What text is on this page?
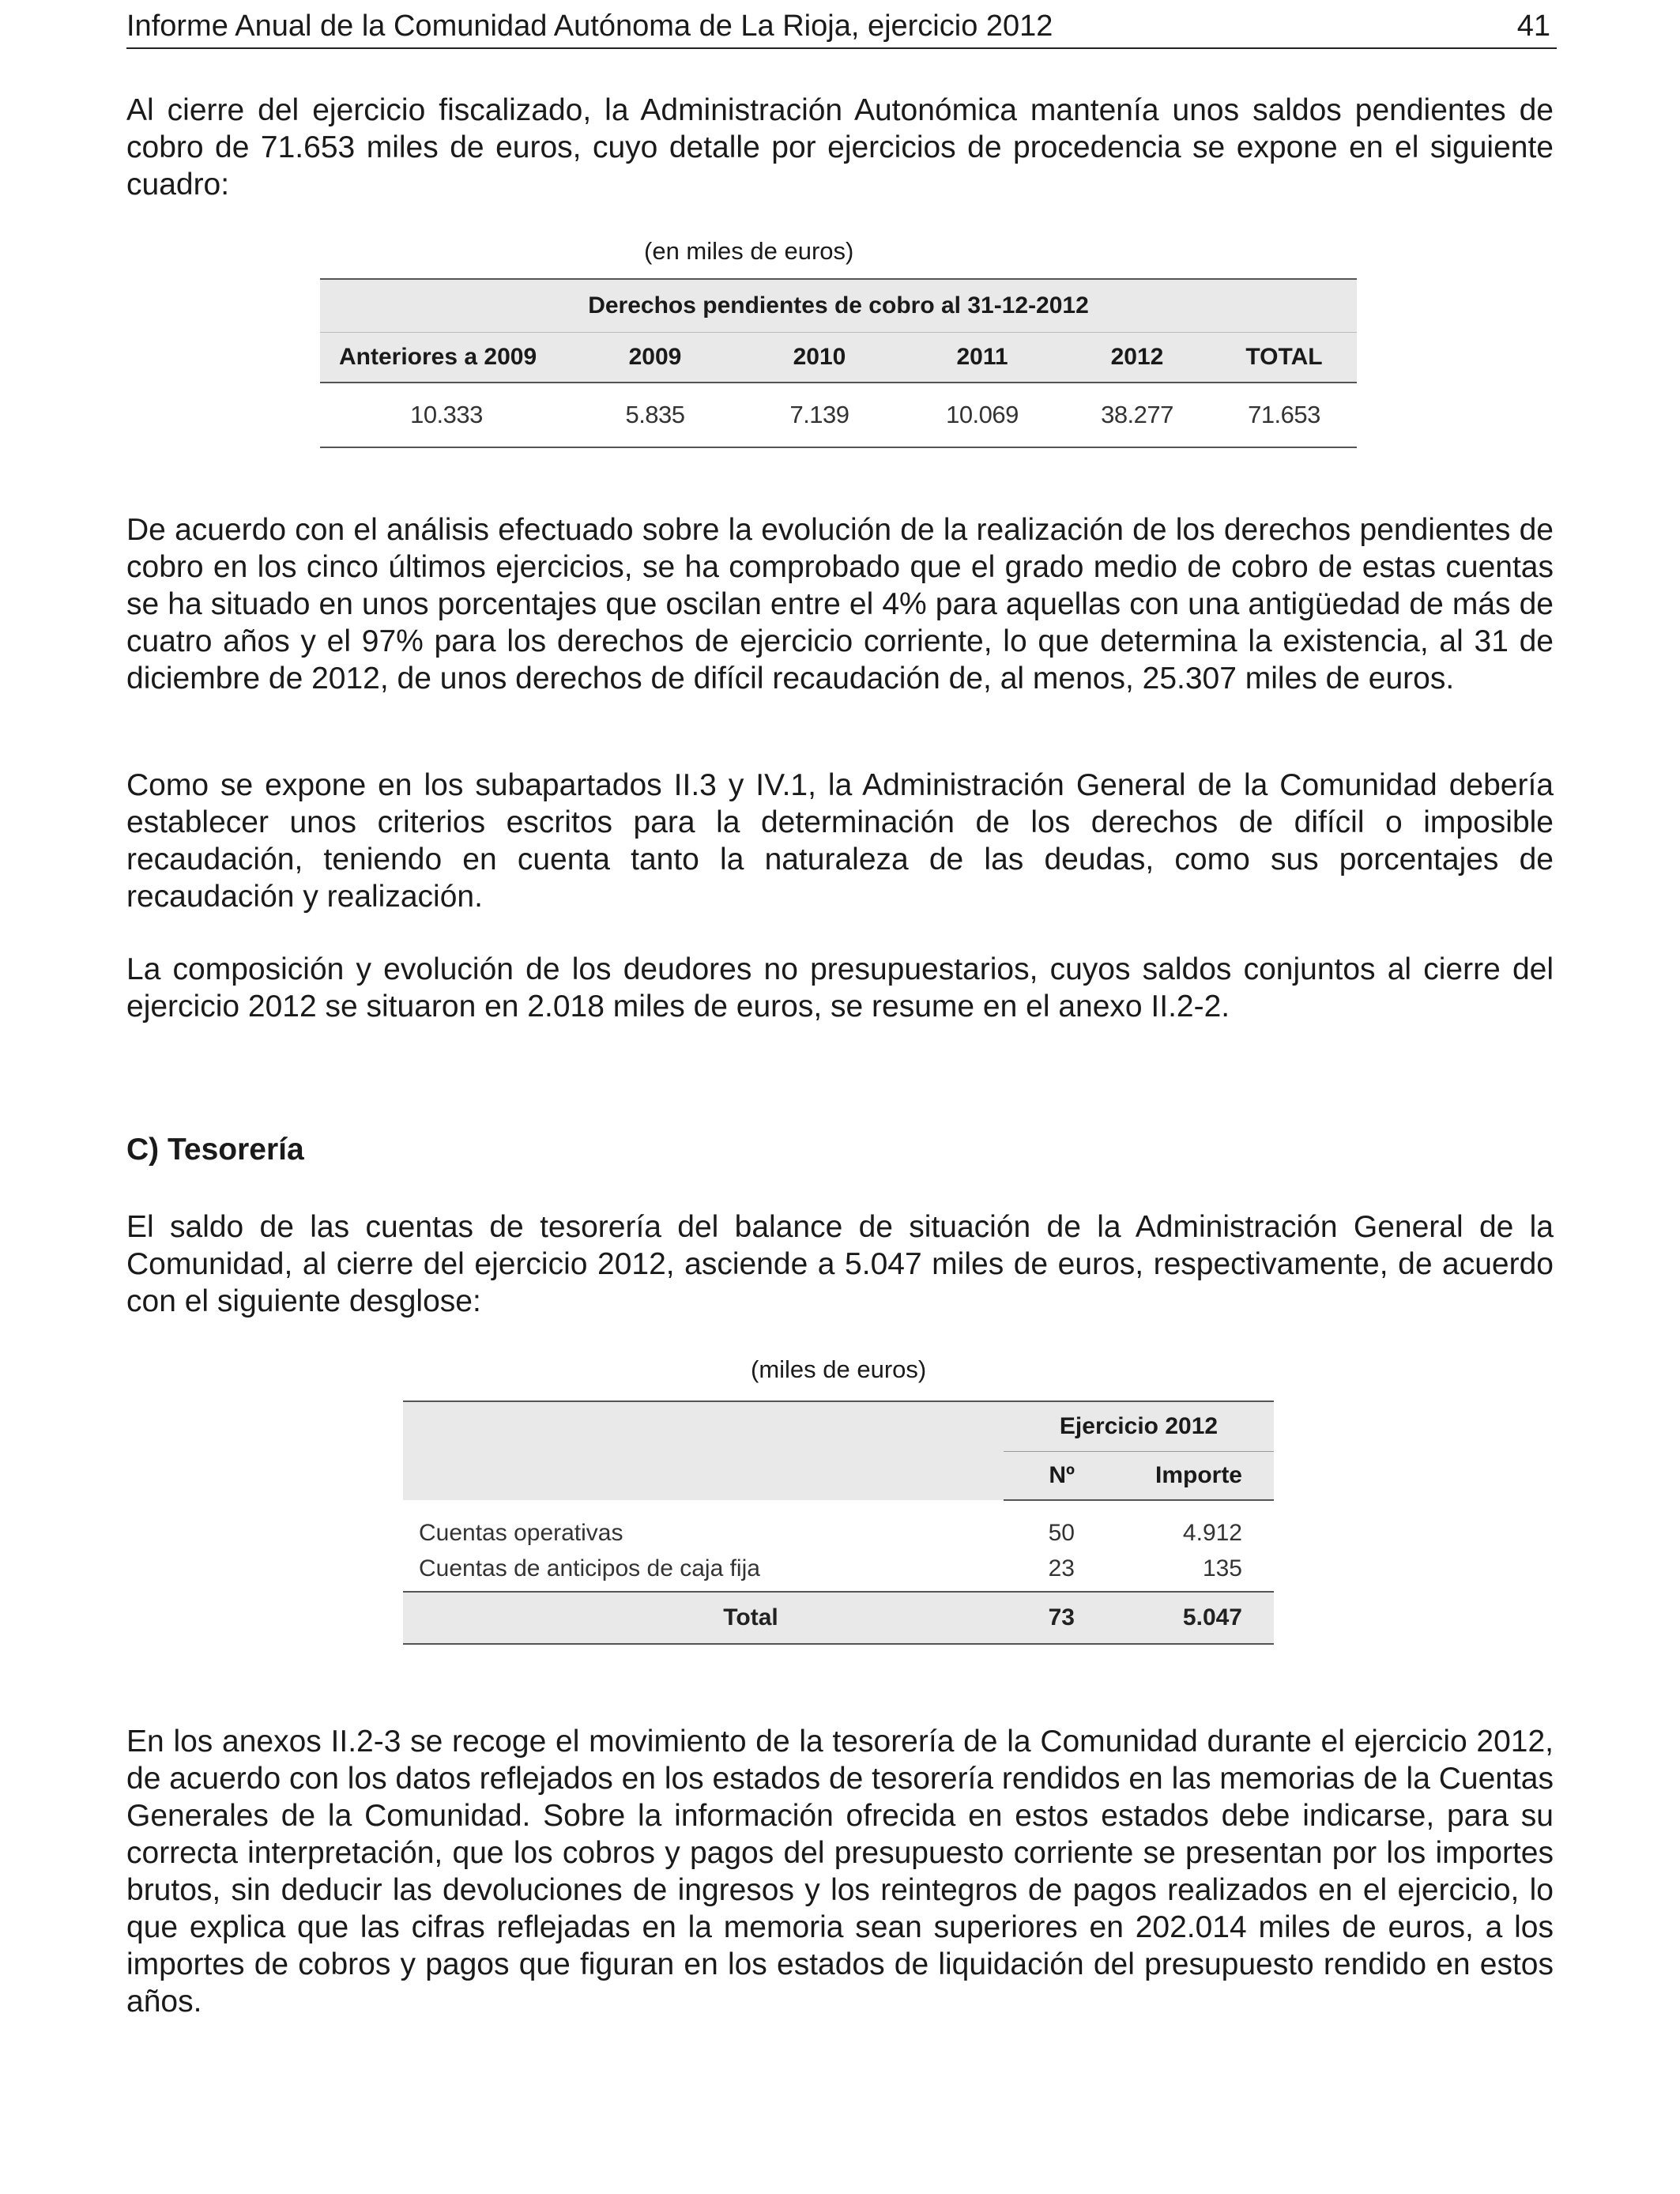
Informe Anual de la Comunidad Autónoma de La Rioja, ejercicio 2012	41

Al cierre del ejercicio fiscalizado, la Administración Autonómica mantenía unos saldos pendientes de cobro de 71.653 miles de euros, cuyo detalle por ejercicios de procedencia se expone en el siguiente cuadro:

(en miles de euros)
Derechos pendientes de cobro al 31-12-2012					
Anteriores a 2009	2009	2010	2011	2012	TOTAL
10.333	5.835	7.139	10.069	38.277	71.653

De acuerdo con el análisis efectuado sobre la evolución de la realización de los derechos pendientes de cobro en los cinco últimos ejercicios, se ha comprobado que el grado medio de cobro de estas cuentas se ha situado en unos porcentajes que oscilan entre el 4% para aquellas con una antigüedad de más de cuatro años y el 97% para los derechos de ejercicio corriente, lo que determina la existencia, al 31 de diciembre de 2012, de unos derechos de difícil recaudación de, al menos, 25.307 miles de euros.

Como se expone en los subapartados II.3 y IV.1, la Administración General de la Comunidad debería establecer unos criterios escritos para la determinación de los derechos de difícil o imposible recaudación, teniendo en cuenta tanto la naturaleza de las deudas, como sus porcentajes de recaudación y realización.

La composición y evolución de los deudores no presupuestarios, cuyos saldos conjuntos al cierre del ejercicio 2012 se situaron en 2.018 miles de euros, se resume en el anexo II.2-2.

C) Tesorería

El saldo de las cuentas de tesorería del balance de situación de la Administración General de la Comunidad, al cierre del ejercicio 2012, asciende a 5.047 miles de euros, respectivamente, de acuerdo con el siguiente desglose:

(miles de euros)
	Ejercicio 2012	
	Nº	Importe
Cuentas operativas	50	4.912
Cuentas de anticipos de caja fija	23	135
Total	73	5.047

En los anexos II.2-3 se recoge el movimiento de la tesorería de la Comunidad durante el ejercicio 2012, de acuerdo con los datos reflejados en los estados de tesorería rendidos en las memorias de la Cuentas Generales de la Comunidad. Sobre la información ofrecida en estos estados debe indicarse, para su correcta interpretación, que los cobros y pagos del presupuesto corriente se presentan por los importes brutos, sin deducir las devoluciones de ingresos y los reintegros de pagos realizados en el ejercicio, lo que explica que las cifras reflejadas en la memoria sean superiores en 202.014 miles de euros, a los importes de cobros y pagos que figuran en los estados de liquidación del presupuesto rendido en estos años.
